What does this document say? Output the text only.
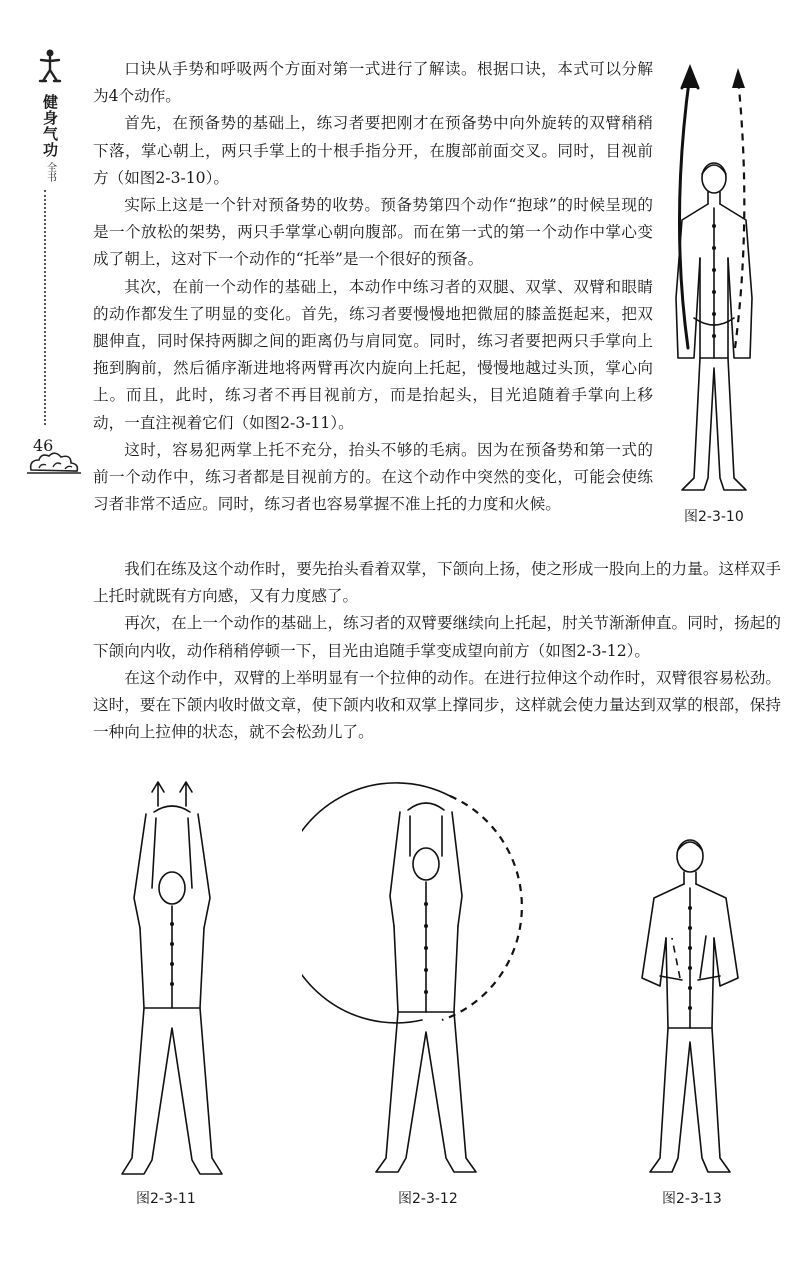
健身气功
全书
46

口诀从手势和呼吸两个方面对第一式进行了解读。根据口诀，本式可以分解为4个动作。

首先，在预备势的基础上，练习者要把刚才在预备势中向外旋转的双臂稍稍下落，掌心朝上，两只手掌上的十根手指分开，在腹部前面交叉。同时，目视前方（如图2-3-10）。

实际上这是一个针对预备势的收势。预备势第四个动作“抱球”的时候呈现的是一个放松的架势，两只手掌掌心朝向腹部。而在第一式的第一个动作中掌心变成了朝上，这对下一个动作的“托举”是一个很好的预备。

其次，在前一个动作的基础上，本动作中练习者的双腿、双掌、双臂和眼睛的动作都发生了明显的变化。首先，练习者要慢慢地把微屈的膝盖挺起来，把双腿伸直，同时保持两脚之间的距离仍与肩同宽。同时，练习者要把两只手掌向上拖到胸前，然后循序渐进地将两臂再次内旋向上托起，慢慢地越过头顶，掌心向上。而且，此时，练习者不再目视前方，而是抬起头，目光追随着手掌向上移动，一直注视着它们（如图2-3-11）。

这时，容易犯两掌上托不充分，抬头不够的毛病。因为在预备势和第一式的前一个动作中，练习者都是目视前方的。在这个动作中突然的变化，可能会使练习者非常不适应。同时，练习者也容易掌握不准上托的力度和火候。

我们在练及这个动作时，要先抬头看着双掌，下颌向上扬，使之形成一股向上的力量。这样双手上托时就既有方向感，又有力度感了。

再次，在上一个动作的基础上，练习者的双臂要继续向上托起，肘关节渐渐伸直。同时，扬起的下颌向内收，动作稍稍停顿一下，目光由追随手掌变成望向前方（如图2-3-12）。

在这个动作中，双臂的上举明显有一个拉伸的动作。在进行拉伸这个动作时，双臂很容易松劲。这时，要在下颌内收时做文章，使下颌内收和双掌上撑同步，这样就会使力量达到双掌的根部，保持一种向上拉伸的状态，就不会松劲儿了。

图2-3-10
图2-3-11	图2-3-12	图2-3-13
